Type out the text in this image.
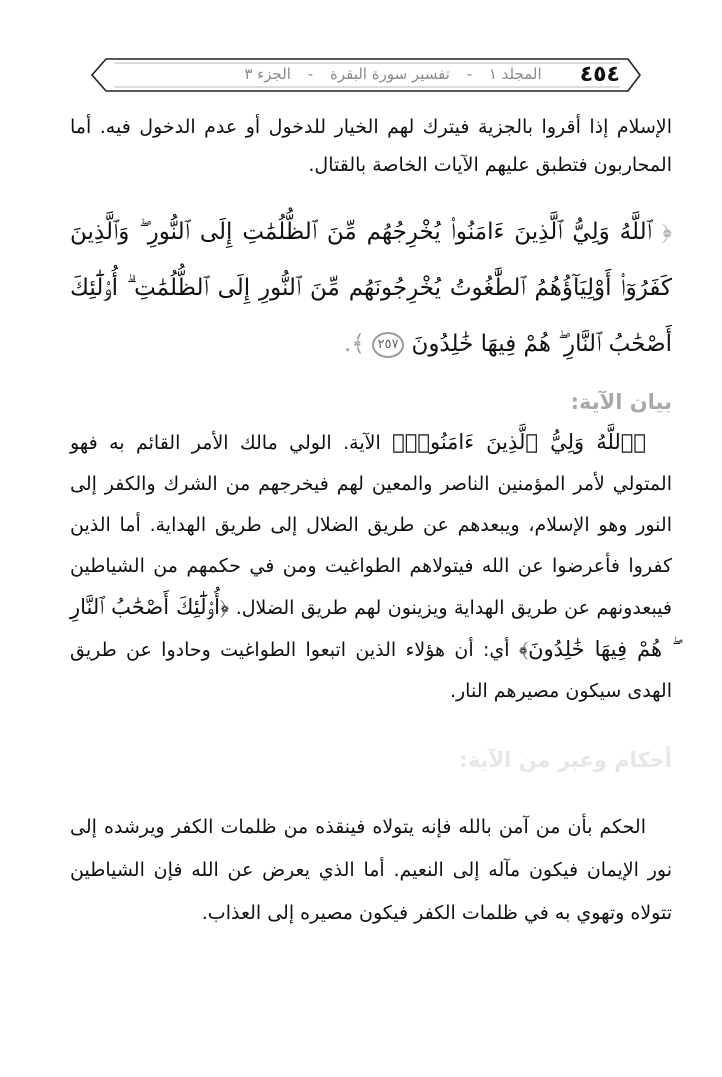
المجلد ١ - تفسير سورة البقرة - الجزء ٣	٤٥٤

الإسلام إذا أقروا بالجزية فيترك لهم الخيار للدخول أو عدم الدخول فيه. أما المحاربون فتطبق عليهم الآيات الخاصة بالقتال.

﴿ ٱللَّهُ وَلِيُّ ٱلَّذِينَ ءَامَنُوا۟ يُخْرِجُهُم مِّنَ ٱلظُّلُمَٰتِ إِلَى ٱلنُّورِ ۖ وَٱلَّذِينَ كَفَرُوٓا۟ أَوْلِيَآؤُهُمُ ٱلطَّٰغُوتُ يُخْرِجُونَهُم مِّنَ ٱلنُّورِ إِلَى ٱلظُّلُمَٰتِ ۗ أُو۟لَٰٓئِكَ أَصْحَٰبُ ٱلنَّارِ ۖ هُمْ فِيهَا خَٰلِدُونَ ٢٥٧ ﴾.

بيان الآية:

﴿ٱللَّهُ وَلِيُّ ٱلَّذِينَ ءَامَنُوا۟﴾ الآية. الولي مالك الأمر القائم به فهو المتولي لأمر المؤمنين الناصر والمعين لهم فيخرجهم من الشرك والكفر إلى النور وهو الإسلام، ويبعدهم عن طريق الضلال إلى طريق الهداية. أما الذين كفروا فأعرضوا عن الله فيتولاهم الطواغيت ومن في حكمهم من الشياطين فيبعدونهم عن طريق الهداية ويزينون لهم طريق الضلال. ﴿أُو۟لَٰٓئِكَ أَصْحَٰبُ ٱلنَّارِ ۖ هُمْ فِيهَا خَٰلِدُونَ﴾ أي: أن هؤلاء الذين اتبعوا الطواغيت وحادوا عن طريق الهدى سيكون مصيرهم النار.

أحكام وعبر من الآية:

الحكم بأن من آمن بالله فإنه يتولاه فينقذه من ظلمات الكفر ويرشده إلى نور الإيمان فيكون مآله إلى النعيم. أما الذي يعرض عن الله فإن الشياطين تتولاه وتهوي به في ظلمات الكفر فيكون مصيره إلى العذاب.
